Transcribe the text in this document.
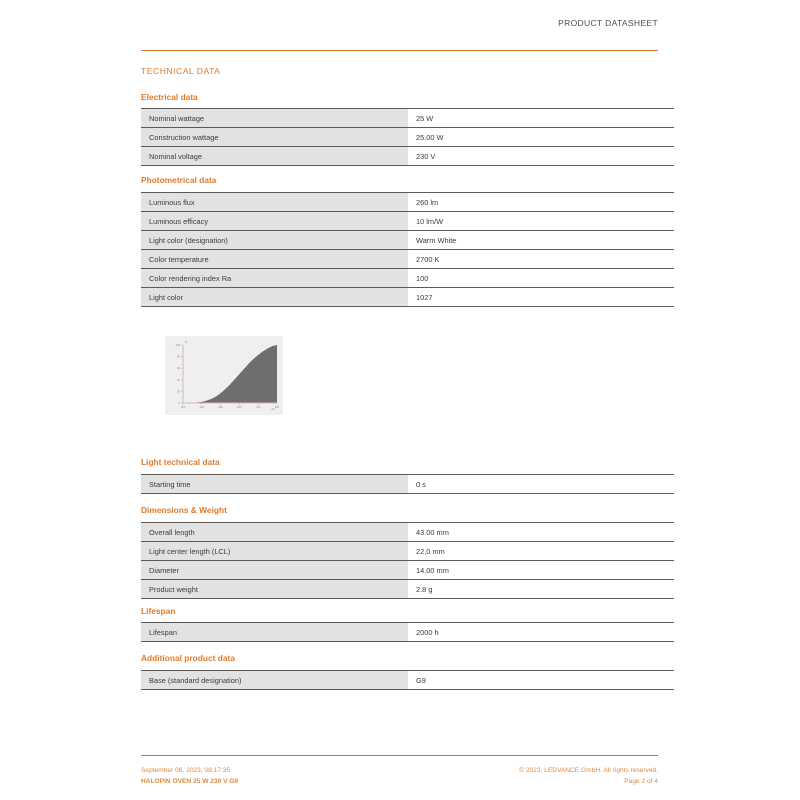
PRODUCT DATASHEET
TECHNICAL DATA
Electrical data
Nominal wattage	25 W
Construction wattage	25.00 W
Nominal voltage	230 V
Photometrical data
Luminous flux	260 lm
Luminous efficacy	10 lm/W
Light color (designation)	Warm White
Color temperature	2700 K
Color rendering index Ra	100
Light color	1027
0
20
40
60
80
100
300	400	500	600	700	800
%
nm
Light technical data
Starting time	0 s
Dimensions & Weight
Overall length	43.00 mm
Light center length (LCL)	22,0 mm
Diameter	14.00 mm
Product weight	2.8 g
Lifespan
Lifespan	2000 h
Additional product data
Base (standard designation)	G9
September 06, 2023, 08:17:35
HALOPIN OVEN 25 W 230 V G9
© 2023, LEDVANCE GmbH. All rights reserved.
Page 2 of 4
